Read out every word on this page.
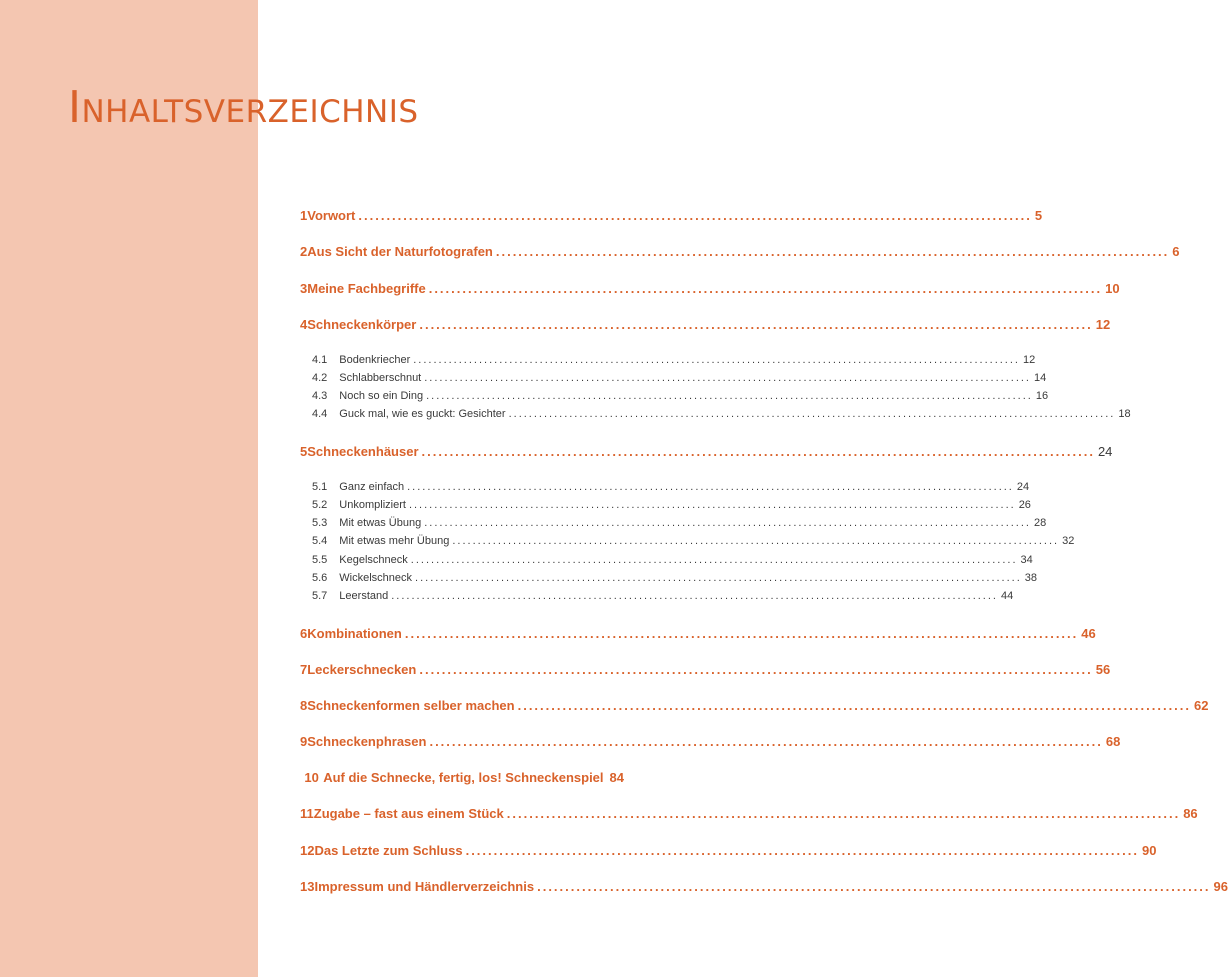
Inhaltsverzeichnis
1 Vorwort ........................................................................................................................ 5
2 Aus Sicht der Naturfotografen ........................................................................................................................ 6
3 Meine Fachbegriffe ........................................................................................................................ 10
4 Schneckenkörper ........................................................................................................................ 12
4.1 Bodenkriecher ........................................................................................................................ 12
4.2 Schlabberschnut ........................................................................................................................ 14
4.3 Noch so ein Ding ........................................................................................................................ 16
4.4 Guck mal, wie es guckt: Gesichter ........................................................................................................................ 18
5 Schneckenhäuser ........................................................................................................................ 24
5.1 Ganz einfach ........................................................................................................................ 24
5.2 Unkompliziert ........................................................................................................................ 26
5.3 Mit etwas Übung ........................................................................................................................ 28
5.4 Mit etwas mehr Übung ........................................................................................................................ 32
5.5 Kegelschneck ........................................................................................................................ 34
5.6 Wickelschneck ........................................................................................................................ 38
5.7 Leerstand ........................................................................................................................ 44
6 Kombinationen ........................................................................................................................ 46
7 Leckerschnecken ........................................................................................................................ 56
8 Schneckenformen selber machen ........................................................................................................................ 62
9 Schneckenphrasen ........................................................................................................................ 68
10 Auf die Schnecke, fertig, los! Schneckenspiel 84
11 Zugabe – fast aus einem Stück ........................................................................................................................ 86
12 Das Letzte zum Schluss ........................................................................................................................ 90
13 Impressum und Händlerverzeichnis ........................................................................................................................ 96
